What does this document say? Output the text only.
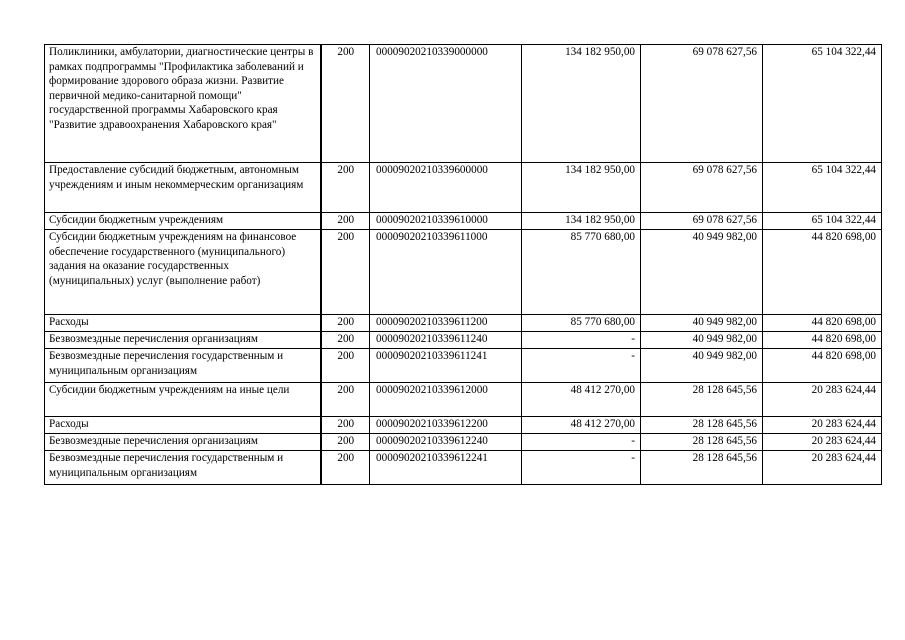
Поликлиники, амбулатории, диагностические центры в рамках подпрограммы "Профилактика заболеваний и формирование здорового образа жизни. Развитие первичной медико-санитарной помощи" государственной программы Хабаровского края "Развитие здравоохранения Хабаровского края"	200	00009020210339000000	134 182 950,00	69 078 627,56	65 104 322,44
Предоставление субсидий бюджетным, автономным учреждениям и иным некоммерческим организациям	200	00009020210339600000	134 182 950,00	69 078 627,56	65 104 322,44
Субсидии бюджетным учреждениям	200	00009020210339610000	134 182 950,00	69 078 627,56	65 104 322,44
Субсидии бюджетным учреждениям на финансовое обеспечение государственного (муниципального) задания на оказание государственных (муниципальных) услуг (выполнение работ)	200	00009020210339611000	85 770 680,00	40 949 982,00	44 820 698,00
Расходы	200	00009020210339611200	85 770 680,00	40 949 982,00	44 820 698,00
Безвозмездные перечисления организациям	200	00009020210339611240	-	40 949 982,00	44 820 698,00
Безвозмездные перечисления государственным и муниципальным организациям	200	00009020210339611241	-	40 949 982,00	44 820 698,00
Субсидии бюджетным учреждениям на иные цели	200	00009020210339612000	48 412 270,00	28 128 645,56	20 283 624,44
Расходы	200	00009020210339612200	48 412 270,00	28 128 645,56	20 283 624,44
Безвозмездные перечисления организациям	200	00009020210339612240	-	28 128 645,56	20 283 624,44
Безвозмездные перечисления государственным и муниципальным организациям	200	00009020210339612241	-	28 128 645,56	20 283 624,44
